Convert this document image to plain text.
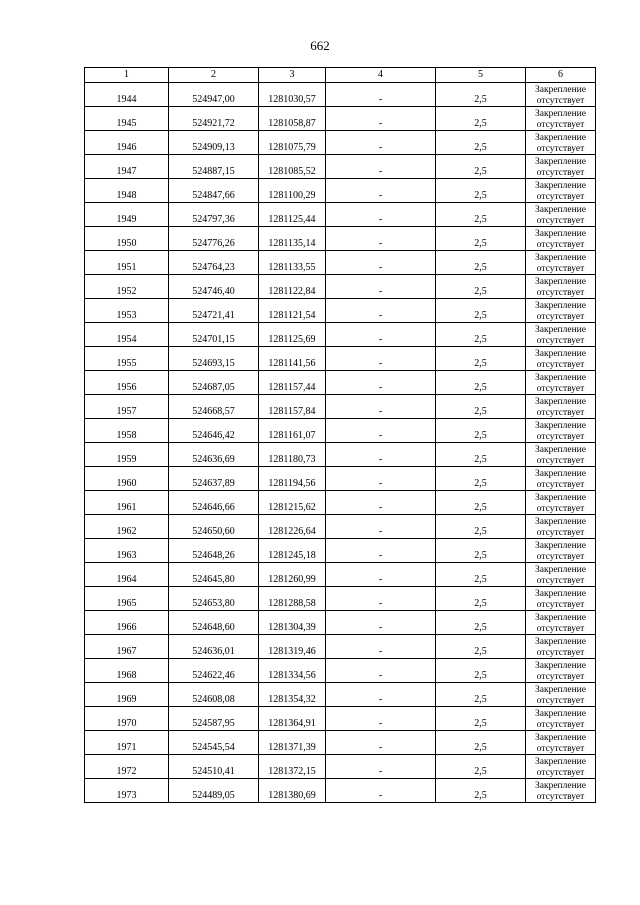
662
1	2	3	4	5	6
1944	524947,00	1281030,57	-	2,5	Закрепление отсутствует
1945	524921,72	1281058,87	-	2,5	Закрепление отсутствует
1946	524909,13	1281075,79	-	2,5	Закрепление отсутствует
1947	524887,15	1281085,52	-	2,5	Закрепление отсутствует
1948	524847,66	1281100,29	-	2,5	Закрепление отсутствует
1949	524797,36	1281125,44	-	2,5	Закрепление отсутствует
1950	524776,26	1281135,14	-	2,5	Закрепление отсутствует
1951	524764,23	1281133,55	-	2,5	Закрепление отсутствует
1952	524746,40	1281122,84	-	2,5	Закрепление отсутствует
1953	524721,41	1281121,54	-	2,5	Закрепление отсутствует
1954	524701,15	1281125,69	-	2,5	Закрепление отсутствует
1955	524693,15	1281141,56	-	2,5	Закрепление отсутствует
1956	524687,05	1281157,44	-	2,5	Закрепление отсутствует
1957	524668,57	1281157,84	-	2,5	Закрепление отсутствует
1958	524646,42	1281161,07	-	2,5	Закрепление отсутствует
1959	524636,69	1281180,73	-	2,5	Закрепление отсутствует
1960	524637,89	1281194,56	-	2,5	Закрепление отсутствует
1961	524646,66	1281215,62	-	2,5	Закрепление отсутствует
1962	524650,60	1281226,64	-	2,5	Закрепление отсутствует
1963	524648,26	1281245,18	-	2,5	Закрепление отсутствует
1964	524645,80	1281260,99	-	2,5	Закрепление отсутствует
1965	524653,80	1281288,58	-	2,5	Закрепление отсутствует
1966	524648,60	1281304,39	-	2,5	Закрепление отсутствует
1967	524636,01	1281319,46	-	2,5	Закрепление отсутствует
1968	524622,46	1281334,56	-	2,5	Закрепление отсутствует
1969	524608,08	1281354,32	-	2,5	Закрепление отсутствует
1970	524587,95	1281364,91	-	2,5	Закрепление отсутствует
1971	524545,54	1281371,39	-	2,5	Закрепление отсутствует
1972	524510,41	1281372,15	-	2,5	Закрепление отсутствует
1973	524489,05	1281380,69	-	2,5	Закрепление отсутствует
